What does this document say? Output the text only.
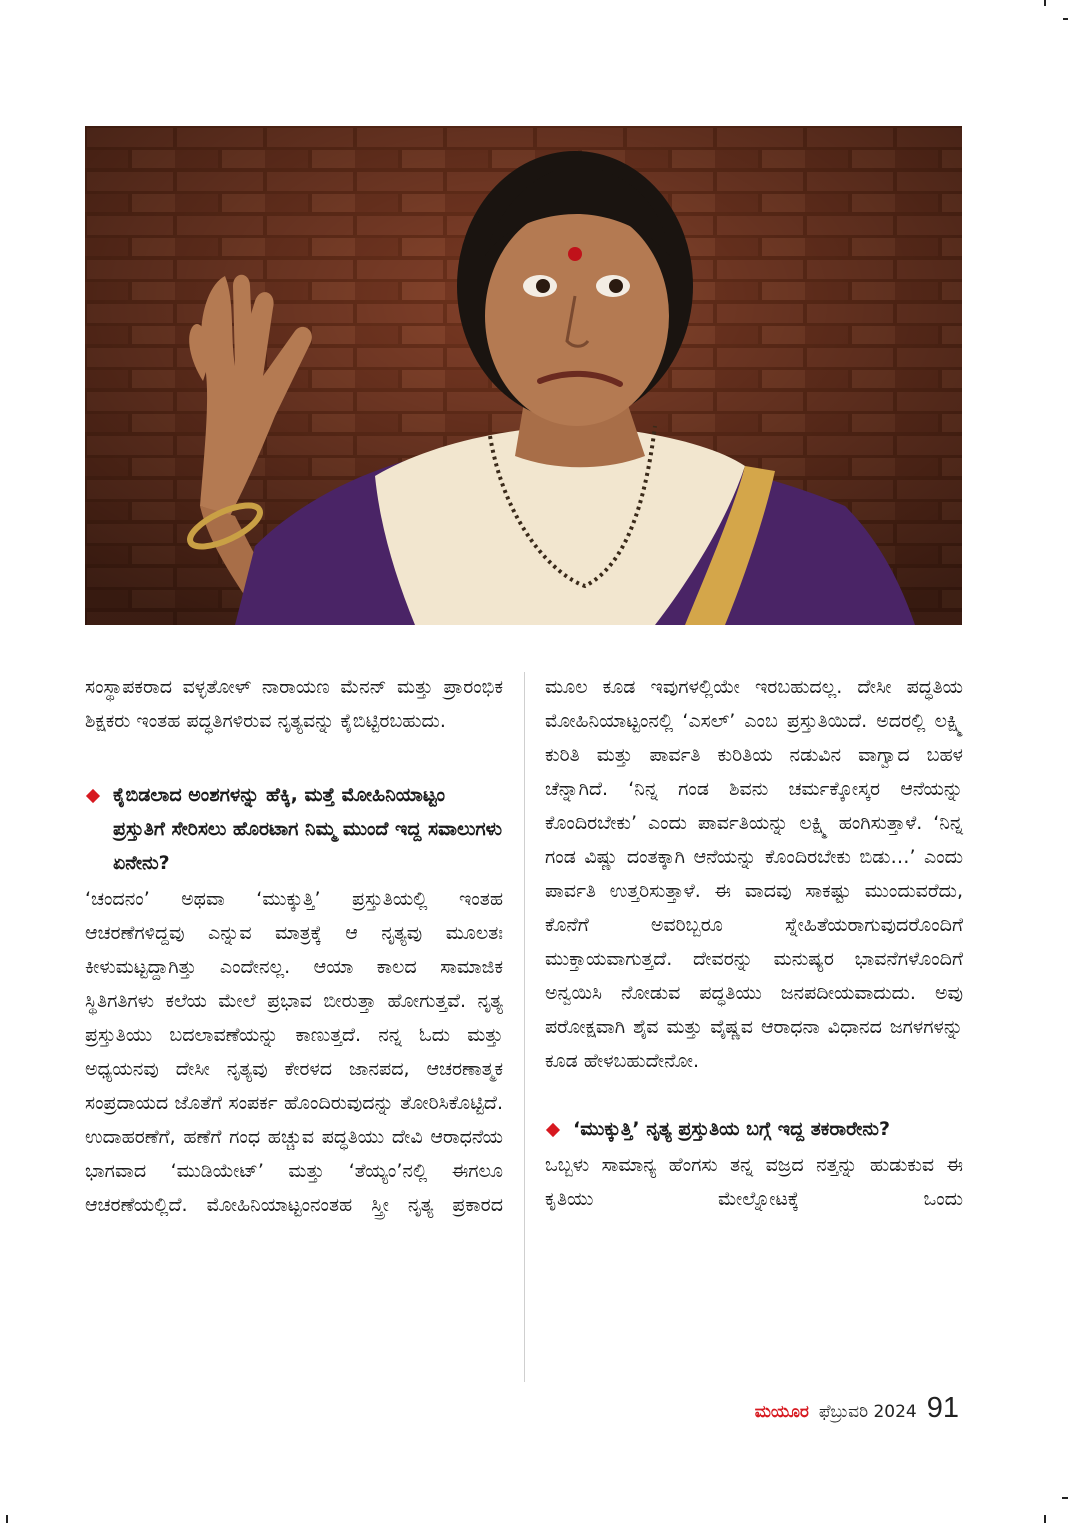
ಸಂಸ್ಥಾಪಕರಾದ ವಳ್ಳತೋಳ್ ನಾರಾಯಣ ಮೆನನ್ ಮತ್ತು ಪ್ರಾರಂಭಿಕ ಶಿಕ್ಷಕರು ಇಂತಹ ಪದ್ಧತಿಗಳಿರುವ ನೃತ್ಯವನ್ನು ಕೈಬಿಟ್ಟಿರಬಹುದು.

ಕೈಬಿಡಲಾದ ಅಂಶಗಳನ್ನು ಹೆಕ್ಕಿ, ಮತ್ತೆ ಮೋಹಿನಿಯಾಟ್ಟಂ ಪ್ರಸ್ತುತಿಗೆ ಸೇರಿಸಲು ಹೊರಟಾಗ ನಿಮ್ಮ ಮುಂದೆ ಇದ್ದ ಸವಾಲುಗಳು ಏನೇನು?

‘ಚಂದನಂ’ ಅಥವಾ ‘ಮುಕ್ಕುತ್ತಿ’ ಪ್ರಸ್ತುತಿಯಲ್ಲಿ ಇಂತಹ ಆಚರಣೆಗಳಿದ್ದವು ಎನ್ನುವ ಮಾತ್ರಕ್ಕೆ ಆ ನೃತ್ಯವು ಮೂಲತಃ ಕೀಳುಮಟ್ಟದ್ದಾಗಿತ್ತು ಎಂದೇನಲ್ಲ. ಆಯಾ ಕಾಲದ ಸಾಮಾಜಿಕ ಸ್ಥಿತಿಗತಿಗಳು ಕಲೆಯ ಮೇಲೆ ಪ್ರಭಾವ ಬೀರುತ್ತಾ ಹೋಗುತ್ತವೆ. ನೃತ್ಯ ಪ್ರಸ್ತುತಿಯು ಬದಲಾವಣೆಯನ್ನು ಕಾಣುತ್ತದೆ. ನನ್ನ ಓದು ಮತ್ತು ಅಧ್ಯಯನವು ದೇಸೀ ನೃತ್ಯವು ಕೇರಳದ ಜಾನಪದ, ಆಚರಣಾತ್ಮಕ ಸಂಪ್ರದಾಯದ ಜೊತೆಗೆ ಸಂಪರ್ಕ ಹೊಂದಿರುವುದನ್ನು ತೋರಿಸಿಕೊಟ್ಟಿದೆ. ಉದಾಹರಣೆಗೆ, ಹಣೆಗೆ ಗಂಧ ಹಚ್ಚುವ ಪದ್ಧತಿಯು ದೇವಿ ಆರಾಧನೆಯ ಭಾಗವಾದ ‘ಮುಡಿಯೇಟ್’ ಮತ್ತು ‘ತೆಯ್ಯಂ’ನಲ್ಲಿ ಈಗಲೂ ಆಚರಣೆಯಲ್ಲಿದೆ. ಮೋಹಿನಿಯಾಟ್ಟಂನಂತಹ ಸ್ತ್ರೀ ನೃತ್ಯ ಪ್ರಕಾರದ

ಮೂಲ ಕೂಡ ಇವುಗಳಲ್ಲಿಯೇ ಇರಬಹುದಲ್ಲ. ದೇಸೀ ಪದ್ಧತಿಯ ಮೋಹಿನಿಯಾಟ್ಟಂನಲ್ಲಿ ‘ಎಸಲ್’ ಎಂಬ ಪ್ರಸ್ತುತಿಯಿದೆ. ಅದರಲ್ಲಿ ಲಕ್ಷ್ಮಿ ಕುರಿತಿ ಮತ್ತು ಪಾರ್ವತಿ ಕುರಿತಿಯ ನಡುವಿನ ವಾಗ್ವಾದ ಬಹಳ ಚೆನ್ನಾಗಿದೆ. ‘ನಿನ್ನ ಗಂಡ ಶಿವನು ಚರ್ಮಕ್ಕೋಸ್ಕರ ಆನೆಯನ್ನು ಕೊಂದಿರಬೇಕು’ ಎಂದು ಪಾರ್ವತಿಯನ್ನು ಲಕ್ಷ್ಮಿ ಹಂಗಿಸುತ್ತಾಳೆ. ‘ನಿನ್ನ ಗಂಡ ವಿಷ್ಣು ದಂತಕ್ಕಾಗಿ ಆನೆಯನ್ನು ಕೊಂದಿರಬೇಕು ಬಿಡು…’ ಎಂದು ಪಾರ್ವತಿ ಉತ್ತರಿಸುತ್ತಾಳೆ. ಈ ವಾದವು ಸಾಕಷ್ಟು ಮುಂದುವರೆದು, ಕೊನೆಗೆ ಅವರಿಬ್ಬರೂ ಸ್ನೇಹಿತೆಯರಾಗುವುದರೊಂದಿಗೆ ಮುಕ್ತಾಯವಾಗುತ್ತದೆ. ದೇವರನ್ನು ಮನುಷ್ಯರ ಭಾವನೆಗಳೊಂದಿಗೆ ಅನ್ವಯಿಸಿ ನೋಡುವ ಪದ್ಧತಿಯು ಜನಪದೀಯವಾದುದು. ಅವು ಪರೋಕ್ಷವಾಗಿ ಶೈವ ಮತ್ತು ವೈಷ್ಣವ ಆರಾಧನಾ ವಿಧಾನದ ಜಗಳಗಳನ್ನು ಕೂಡ ಹೇಳಬಹುದೇನೋ.

‘ಮುಕ್ಕುತ್ತಿ’ ನೃತ್ಯ ಪ್ರಸ್ತುತಿಯ ಬಗ್ಗೆ ಇದ್ದ ತಕರಾರೇನು?

ಒಬ್ಬಳು ಸಾಮಾನ್ಯ ಹೆಂಗಸು ತನ್ನ ವಜ್ರದ ನತ್ತನ್ನು ಹುಡುಕುವ ಈ ಕೃತಿಯು ಮೇಲ್ನೋಟಕ್ಕೆ ಒಂದು

ಮಯೂರ ಫೆಬ್ರುವರಿ 2024 91
